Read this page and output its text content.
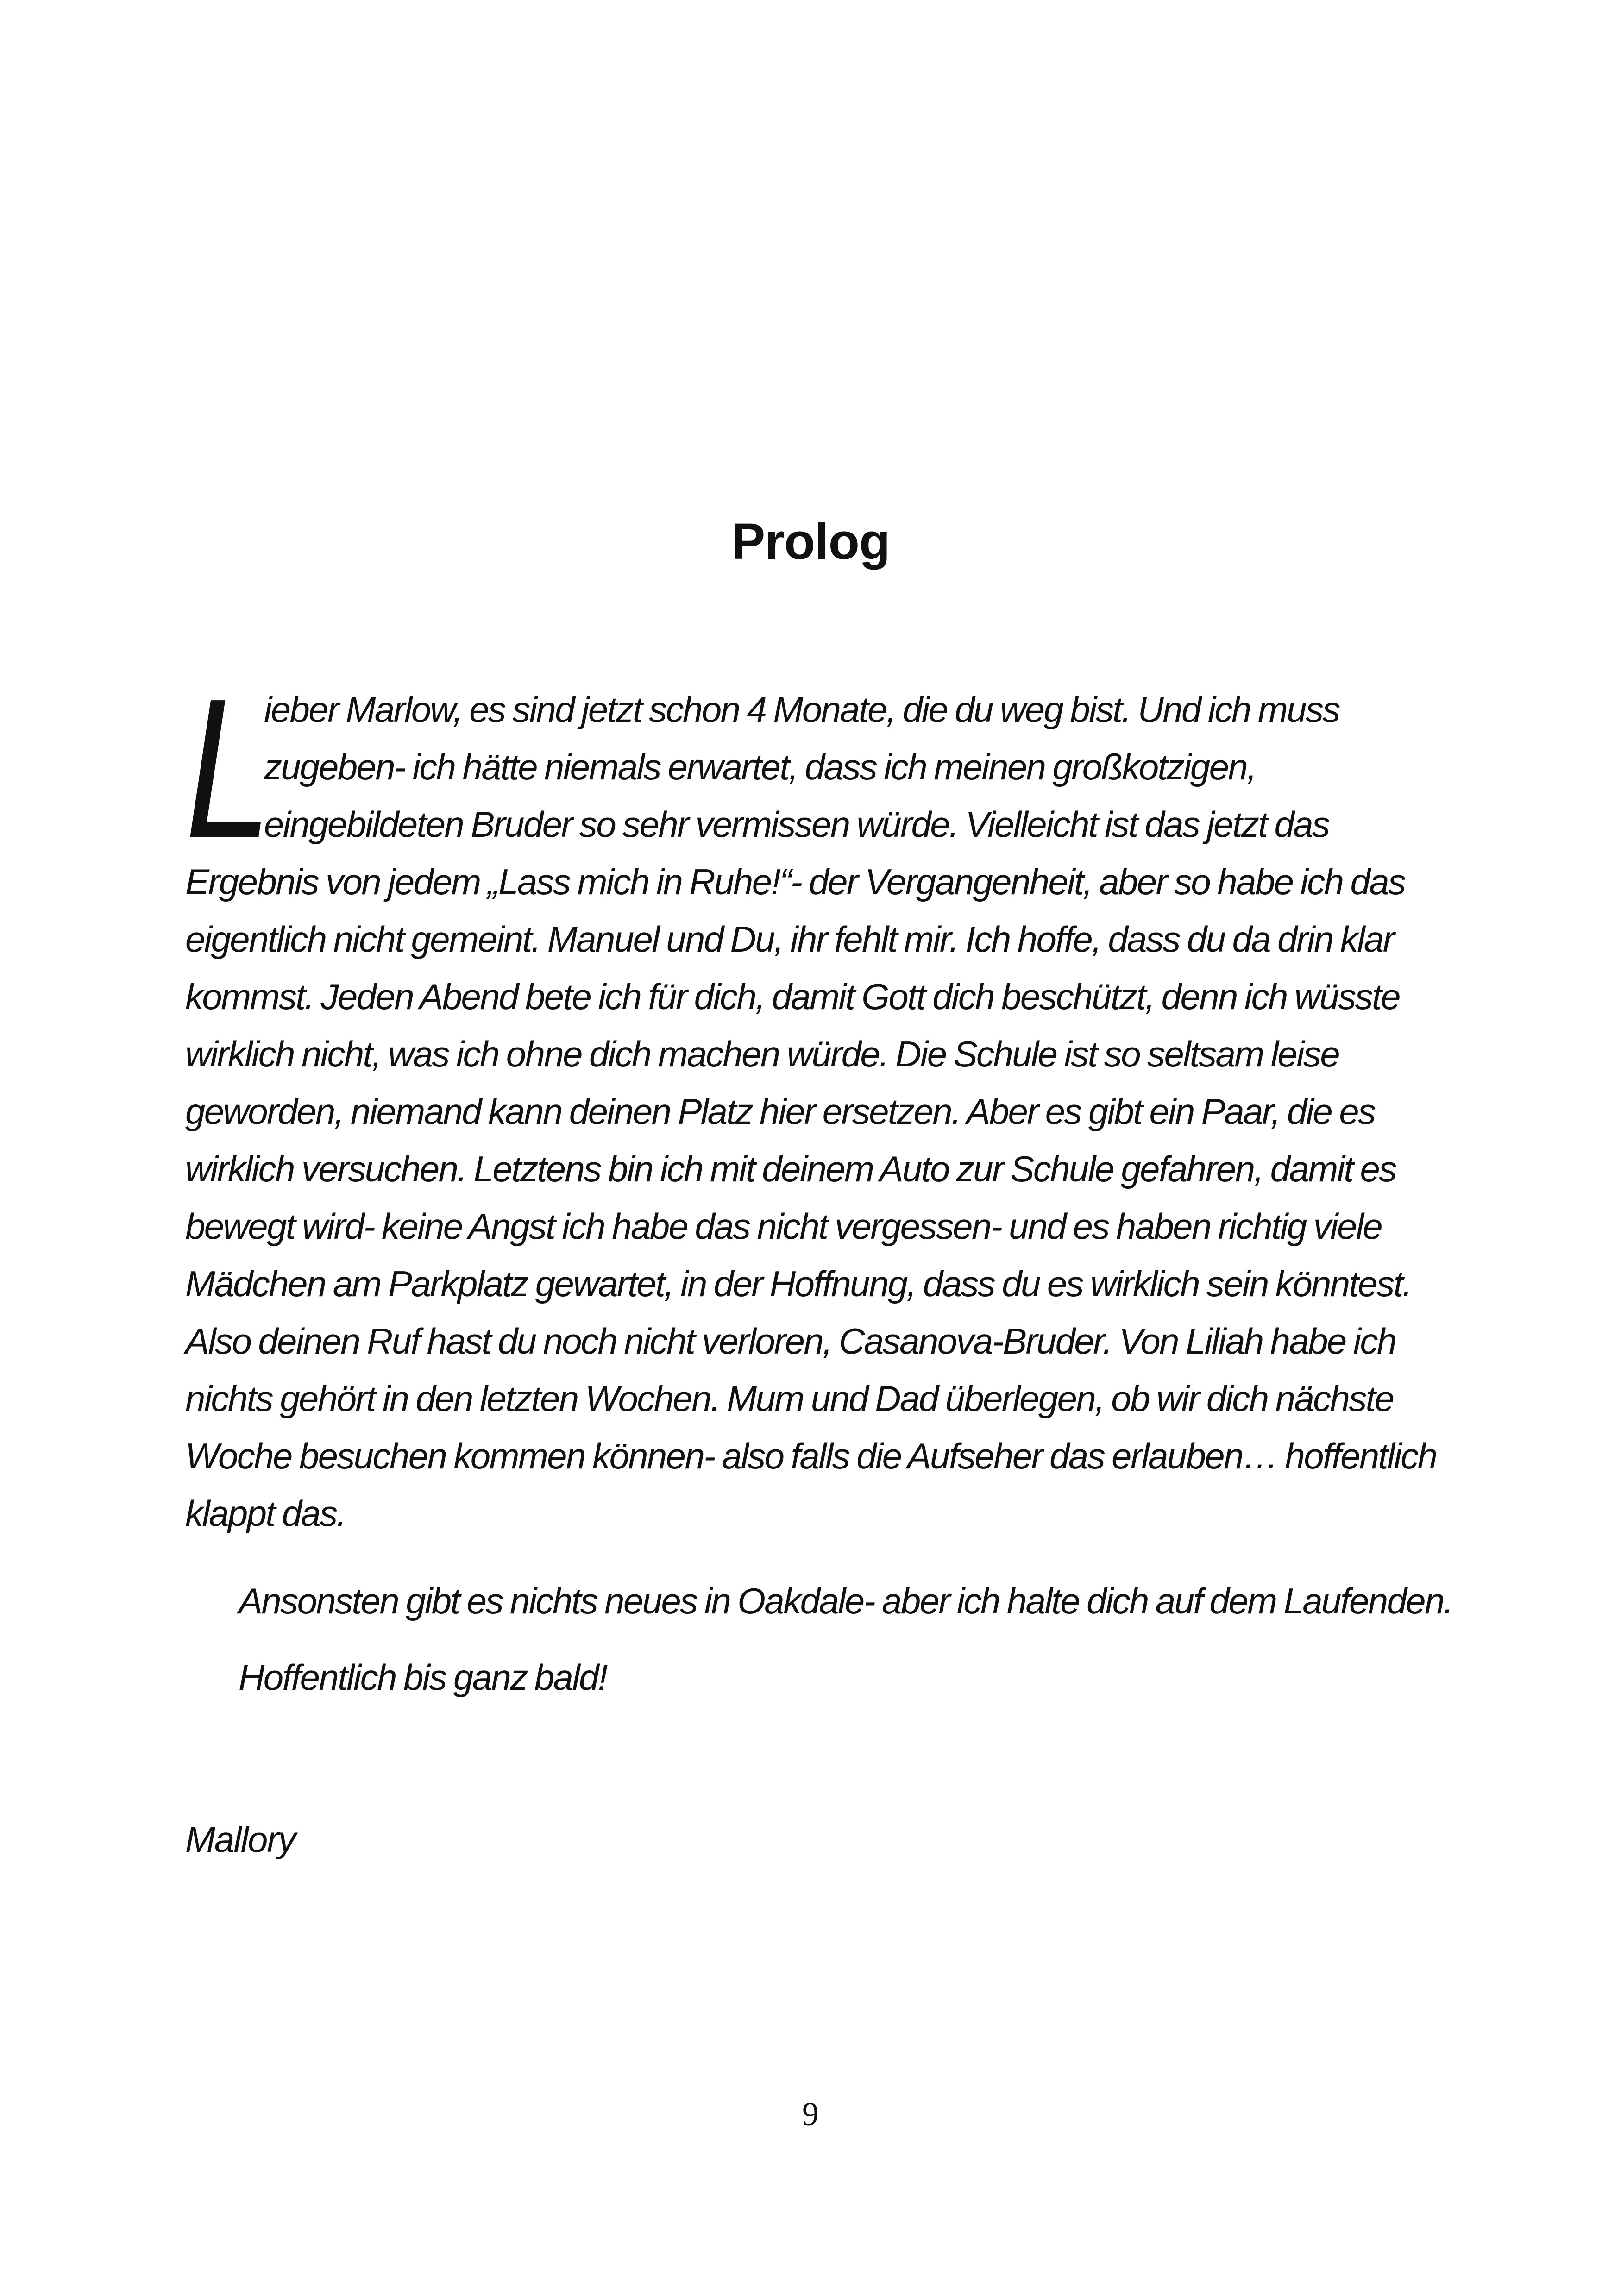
Prolog
L
ieber Marlow, es sind jetzt schon 4 Monate, die du weg bist. Und ich muss
zugeben- ich hätte niemals erwartet, dass ich meinen großkotzigen,
eingebildeten Bruder so sehr vermissen würde. Vielleicht ist das jetzt das
Ergebnis von jedem „Lass mich in Ruhe!“- der Vergangenheit, aber so habe ich das
eigentlich nicht gemeint. Manuel und Du, ihr fehlt mir. Ich hoffe, dass du da drin klar
kommst. Jeden Abend bete ich für dich, damit Gott dich beschützt, denn ich wüsste
wirklich nicht, was ich ohne dich machen würde. Die Schule ist so seltsam leise
geworden, niemand kann deinen Platz hier ersetzen. Aber es gibt ein Paar, die es
wirklich versuchen. Letztens bin ich mit deinem Auto zur Schule gefahren, damit es
bewegt wird- keine Angst ich habe das nicht vergessen- und es haben richtig viele
Mädchen am Parkplatz gewartet, in der Hoffnung, dass du es wirklich sein könntest.
Also deinen Ruf hast du noch nicht verloren, Casanova-Bruder. Von Liliah habe ich
nichts gehört in den letzten Wochen. Mum und Dad überlegen, ob wir dich nächste
Woche besuchen kommen können- also falls die Aufseher das erlauben… hoffentlich
klappt das.

Ansonsten gibt es nichts neues in Oakdale- aber ich halte dich auf dem Laufenden.

Hoffentlich bis ganz bald!

Mallory

9
